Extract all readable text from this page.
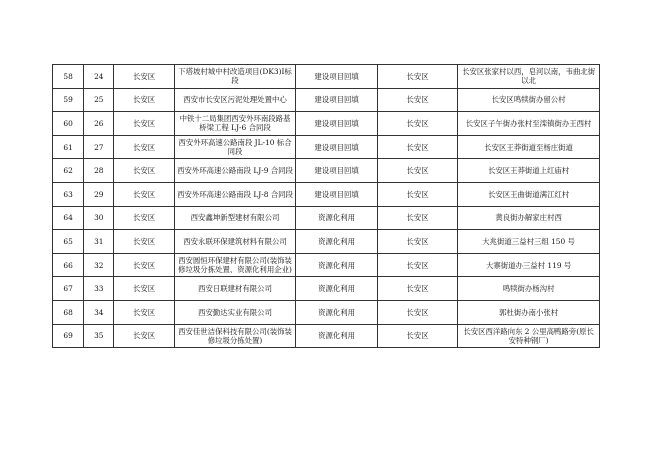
58	24	长安区	下塔坡村城中村改造项目(DK3)Ⅰ标段	建设项目回填	长安区	长安区张家村以西，皂河以南，韦曲北街以北
59	25	长安区	西安市长安区污泥处理处置中心	建设项目回填	长安区	长安区鸣犊街办留公村
60	26	长安区	中铁十二局集团西安外环南段路基桥梁工程 LJ-6 合同段	建设项目回填	长安区	长安区子午街办张村至滦镇街办王西村
61	27	长安区	西安外环高速公路南段 JL-10 标合同段	建设项目回填	长安区	长安区王莽街道至杨庄街道
62	28	长安区	西安外环高速公路南段 LJ-9 合同段	建设项目回填	长安区	长安区王莽街道上红庙村
63	29	长安区	西安外环高速公路南段 LJ-8 合同段	建设项目回填	长安区	长安区王曲街道满江红村
64	30	长安区	西安鑫坤新型建材有限公司	资源化利用	长安区	黄良街办解家庄村西
65	31	长安区	西安永联环保建筑材料有限公司	资源化利用	长安区	大兆街道三益村三组 150 号
66	32	长安区	西安圆恒环保建材有限公司(装饰装修垃圾分拣处置、资源化利用企业)	资源化利用	长安区	大寨街道办三益村 119 号
67	33	长安区	西安日联建材有限公司	资源化利用	长安区	鸣犊街办杨沟村
68	34	长安区	西安勤达实业有限公司	资源化利用	长安区	郭杜街办南小张村
69	35	长安区	西安佳世洁保科技有限公司(装饰装修垃圾分拣处置)	资源化利用	长安区	长安区西洋路向东 2 公里高鸭路旁(原长安特种钢厂)
